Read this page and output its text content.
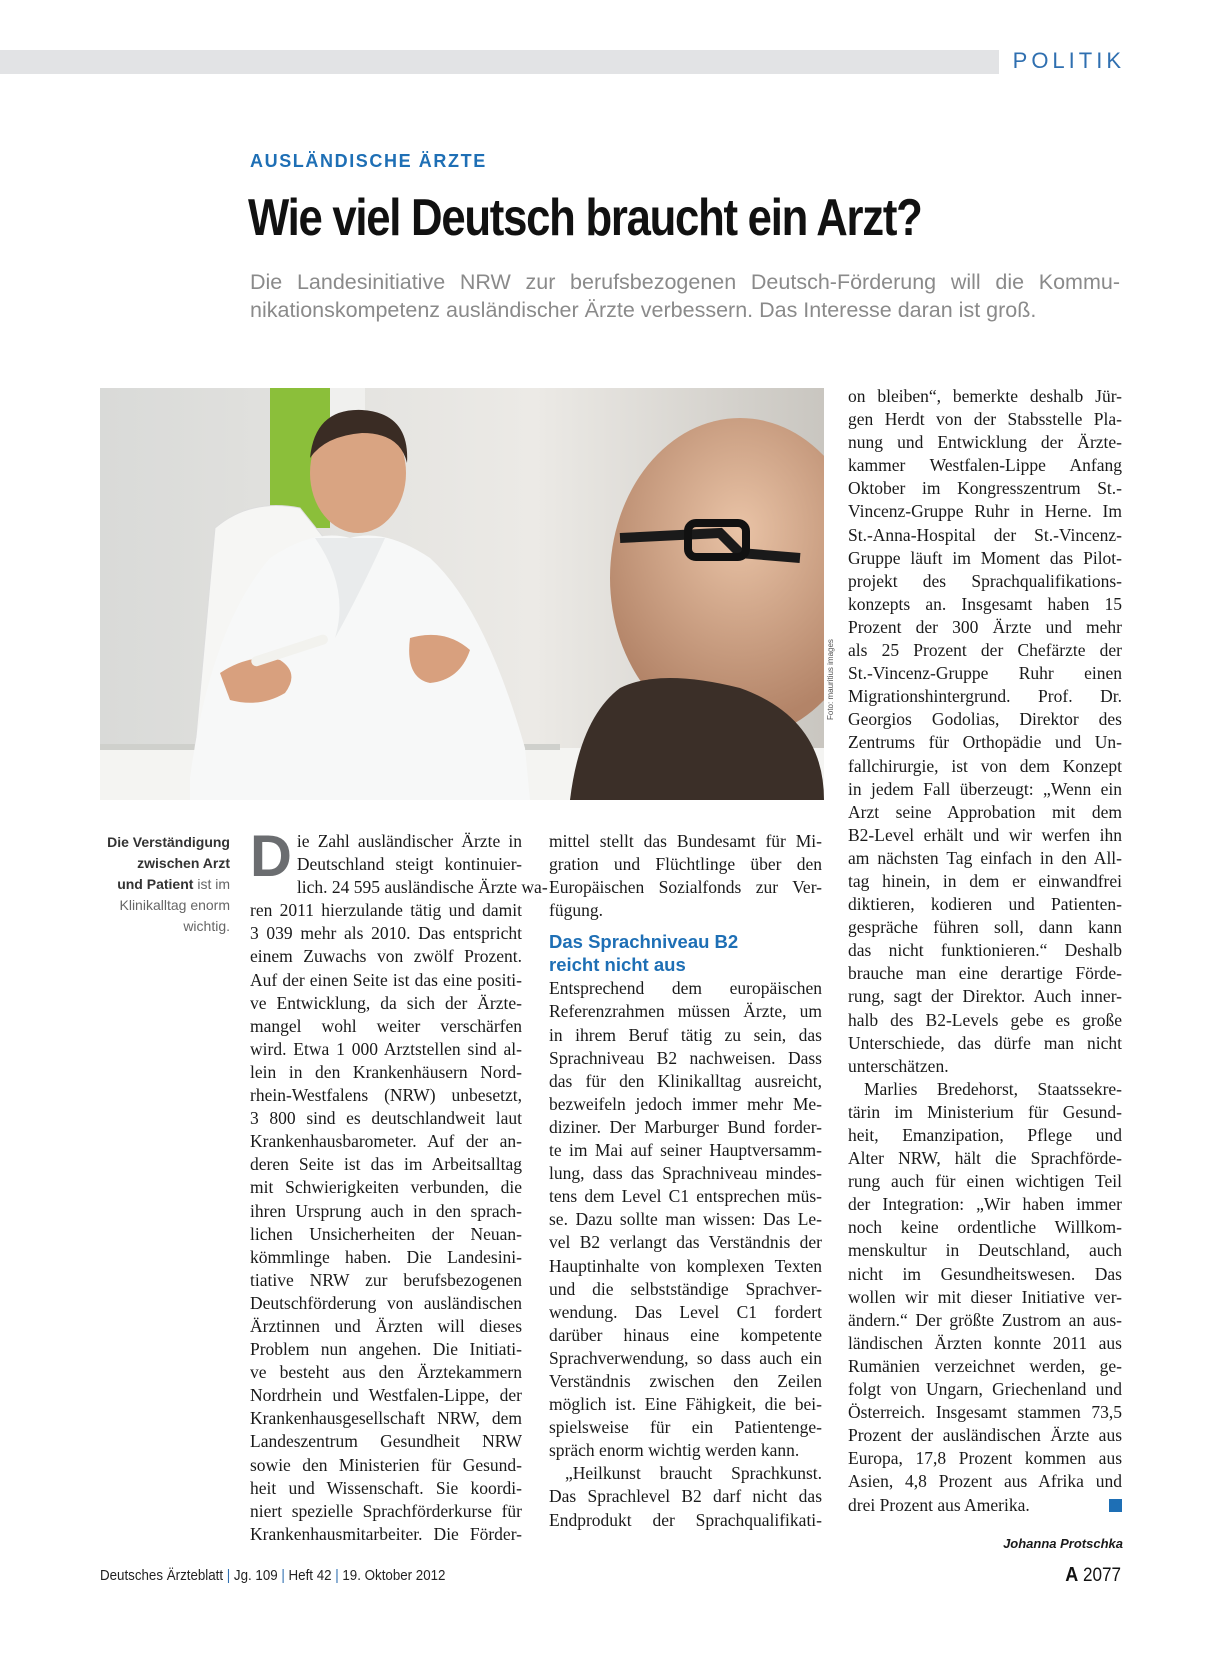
POLITIK
AUSLÄNDISCHE ÄRZTE
Wie viel Deutsch braucht ein Arzt?
Die Landesinitiative NRW zur berufsbezogenen Deutsch-Förderung will die Kommu-
nikationskompetenz ausländischer Ärzte verbessern. Das Interesse daran ist groß.
Foto: mauritius images
Die Verständigung
zwischen Arzt
und Patient ist im
Klinikalltag enorm
wichtig.
D ie Zahl ausländischer Ärzte in
Deutschland steigt kontinuier-
lich. 24 595 ausländische Ärzte wa-
ren 2011 hierzulande tätig und damit
3 039 mehr als 2010. Das entspricht
einem Zuwachs von zwölf Prozent.
Auf der einen Seite ist das eine positi-
ve Entwicklung, da sich der Ärzte-
mangel wohl weiter verschärfen
wird. Etwa 1 000 Arztstellen sind al-
lein in den Krankenhäusern Nord-
rhein-Westfalens (NRW) unbesetzt,
3 800 sind es deutschlandweit laut
Krankenhausbarometer. Auf der an-
deren Seite ist das im Arbeitsalltag
mit Schwierigkeiten verbunden, die
ihren Ursprung auch in den sprach-
lichen Unsicherheiten der Neuan-
kömmlinge haben. Die Landesini-
tiative NRW zur berufsbezogenen
Deutschförderung von ausländischen
Ärztinnen und Ärzten will dieses
Problem nun angehen. Die Initiati-
ve besteht aus den Ärztekammern
Nordrhein und Westfalen-Lippe, der
Krankenhausgesellschaft NRW, dem
Landeszentrum Gesundheit NRW
sowie den Ministerien für Gesund-
heit und Wissenschaft. Sie koordi-
niert spezielle Sprachförderkurse für
Krankenhausmitarbeiter. Die Förder-
mittel stellt das Bundesamt für Mi-
gration und Flüchtlinge über den
Europäischen Sozialfonds zur Ver-
fügung.
Das Sprachniveau B2
reicht nicht aus
Entsprechend dem europäischen
Referenzrahmen müssen Ärzte, um
in ihrem Beruf tätig zu sein, das
Sprachniveau B2 nachweisen. Dass
das für den Klinikalltag ausreicht,
bezweifeln jedoch immer mehr Me-
diziner. Der Marburger Bund forder-
te im Mai auf seiner Hauptversamm-
lung, dass das Sprachniveau mindes-
tens dem Level C1 entsprechen müs-
se. Dazu sollte man wissen: Das Le-
vel B2 verlangt das Verständnis der
Hauptinhalte von komplexen Texten
und die selbstständige Sprachver-
wendung. Das Level C1 fordert
darüber hinaus eine kompetente
Sprachverwendung, so dass auch ein
Verständnis zwischen den Zeilen
möglich ist. Eine Fähigkeit, die bei-
spielsweise für ein Patientenge-
spräch enorm wichtig werden kann.
„Heilkunst braucht Sprachkunst.
Das Sprachlevel B2 darf nicht das
Endprodukt der Sprachqualifikati-
on bleiben“, bemerkte deshalb Jür-
gen Herdt von der Stabsstelle Pla-
nung und Entwicklung der Ärzte-
kammer Westfalen-Lippe Anfang
Oktober im Kongresszentrum St.-
Vincenz-Gruppe Ruhr in Herne. Im
St.-Anna-Hospital der St.-Vincenz-
Gruppe läuft im Moment das Pilot-
projekt des Sprachqualifikations-
konzepts an. Insgesamt haben 15
Prozent der 300 Ärzte und mehr
als 25 Prozent der Chefärzte der
St.-Vincenz-Gruppe Ruhr einen
Migrationshintergrund. Prof. Dr.
Georgios Godolias, Direktor des
Zentrums für Orthopädie und Un-
fallchirurgie, ist von dem Konzept
in jedem Fall überzeugt: „Wenn ein
Arzt seine Approbation mit dem
B2-Level erhält und wir werfen ihn
am nächsten Tag einfach in den All-
tag hinein, in dem er einwandfrei
diktieren, kodieren und Patienten-
gespräche führen soll, dann kann
das nicht funktionieren.“ Deshalb
brauche man eine derartige Förde-
rung, sagt der Direktor. Auch inner-
halb des B2-Levels gebe es große
Unterschiede, das dürfe man nicht
unterschätzen.
Marlies Bredehorst, Staatssekre-
tärin im Ministerium für Gesund-
heit, Emanzipation, Pflege und
Alter NRW, hält die Sprachförde-
rung auch für einen wichtigen Teil
der Integration: „Wir haben immer
noch keine ordentliche Willkom-
menskultur in Deutschland, auch
nicht im Gesundheitswesen. Das
wollen wir mit dieser Initiative ver-
ändern.“ Der größte Zustrom an aus-
ländischen Ärzten konnte 2011 aus
Rumänien verzeichnet werden, ge-
folgt von Ungarn, Griechenland und
Österreich. Insgesamt stammen 73,5
Prozent der ausländischen Ärzte aus
Europa, 17,8 Prozent kommen aus
Asien, 4,8 Prozent aus Afrika und
drei Prozent aus Amerika.
Johanna Protschka
Deutsches Ärzteblatt | Jg. 109 | Heft 42 | 19. Oktober 2012	A 2077
